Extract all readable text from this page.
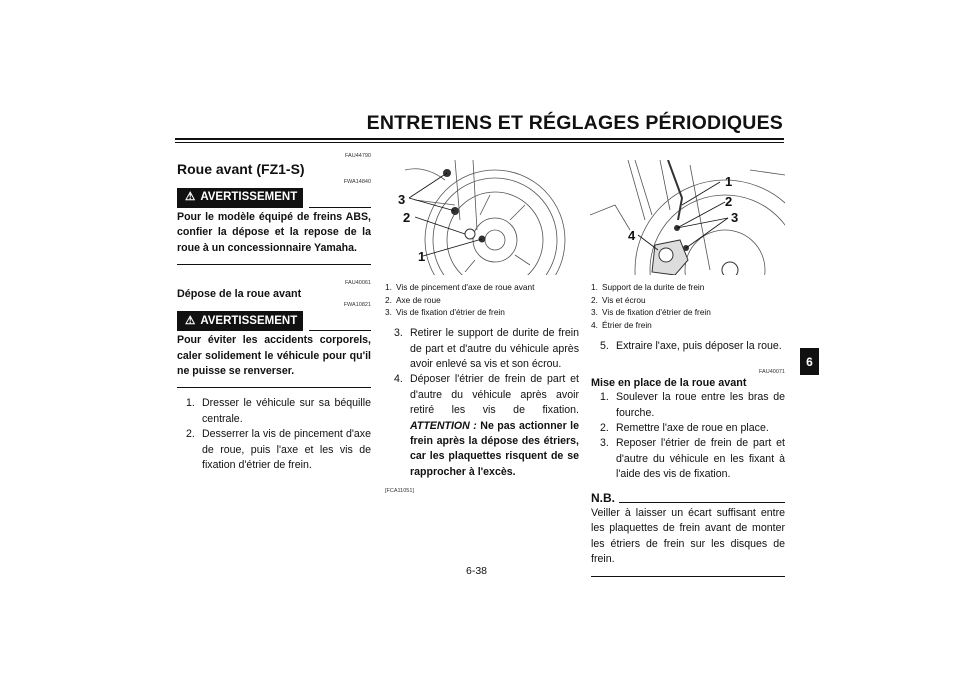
ENTRETIENS ET RÉGLAGES PÉRIODIQUES
FAU44790
Roue avant (FZ1-S)
FWA14840
⚠ AVERTISSEMENT
Pour le modèle équipé de freins ABS, confier la dépose et la repose de la roue à un concessionnaire Yamaha.
FAU40061
Dépose de la roue avant
FWA10821
⚠ AVERTISSEMENT
Pour éviter les accidents corporels, caler solidement le véhicule pour qu'il ne puisse se renverser.
1. Dresser le véhicule sur sa béquille centrale.
2. Desserrer la vis de pincement d'axe de roue, puis l'axe et les vis de fixation d'étrier de frein.
3
2
1
1. Vis de pincement d'axe de roue avant
2. Axe de roue
3. Vis de fixation d'étrier de frein
3. Retirer le support de durite de frein de part et d'autre du véhicule après avoir enlevé sa vis et son écrou.
4. Déposer l'étrier de frein de part et d'autre du véhicule après avoir retiré les vis de fixation. ATTENTION : Ne pas actionner le frein après la dépose des étriers, car les plaquettes risquent de se rapprocher à l'excès.
[FCA11051]
1
2
3
4
1. Support de la durite de frein
2. Vis et écrou
3. Vis de fixation d'étrier de frein
4. Étrier de frein
5. Extraire l'axe, puis déposer la roue.
FAU40071
Mise en place de la roue avant
1. Soulever la roue entre les bras de fourche.
2. Remettre l'axe de roue en place.
3. Reposer l'étrier de frein de part et d'autre du véhicule en les fixant à l'aide des vis de fixation.
N.B.
Veiller à laisser un écart suffisant entre les plaquettes de frein avant de monter les étriers de frein sur les disques de frein.
6
6-38
